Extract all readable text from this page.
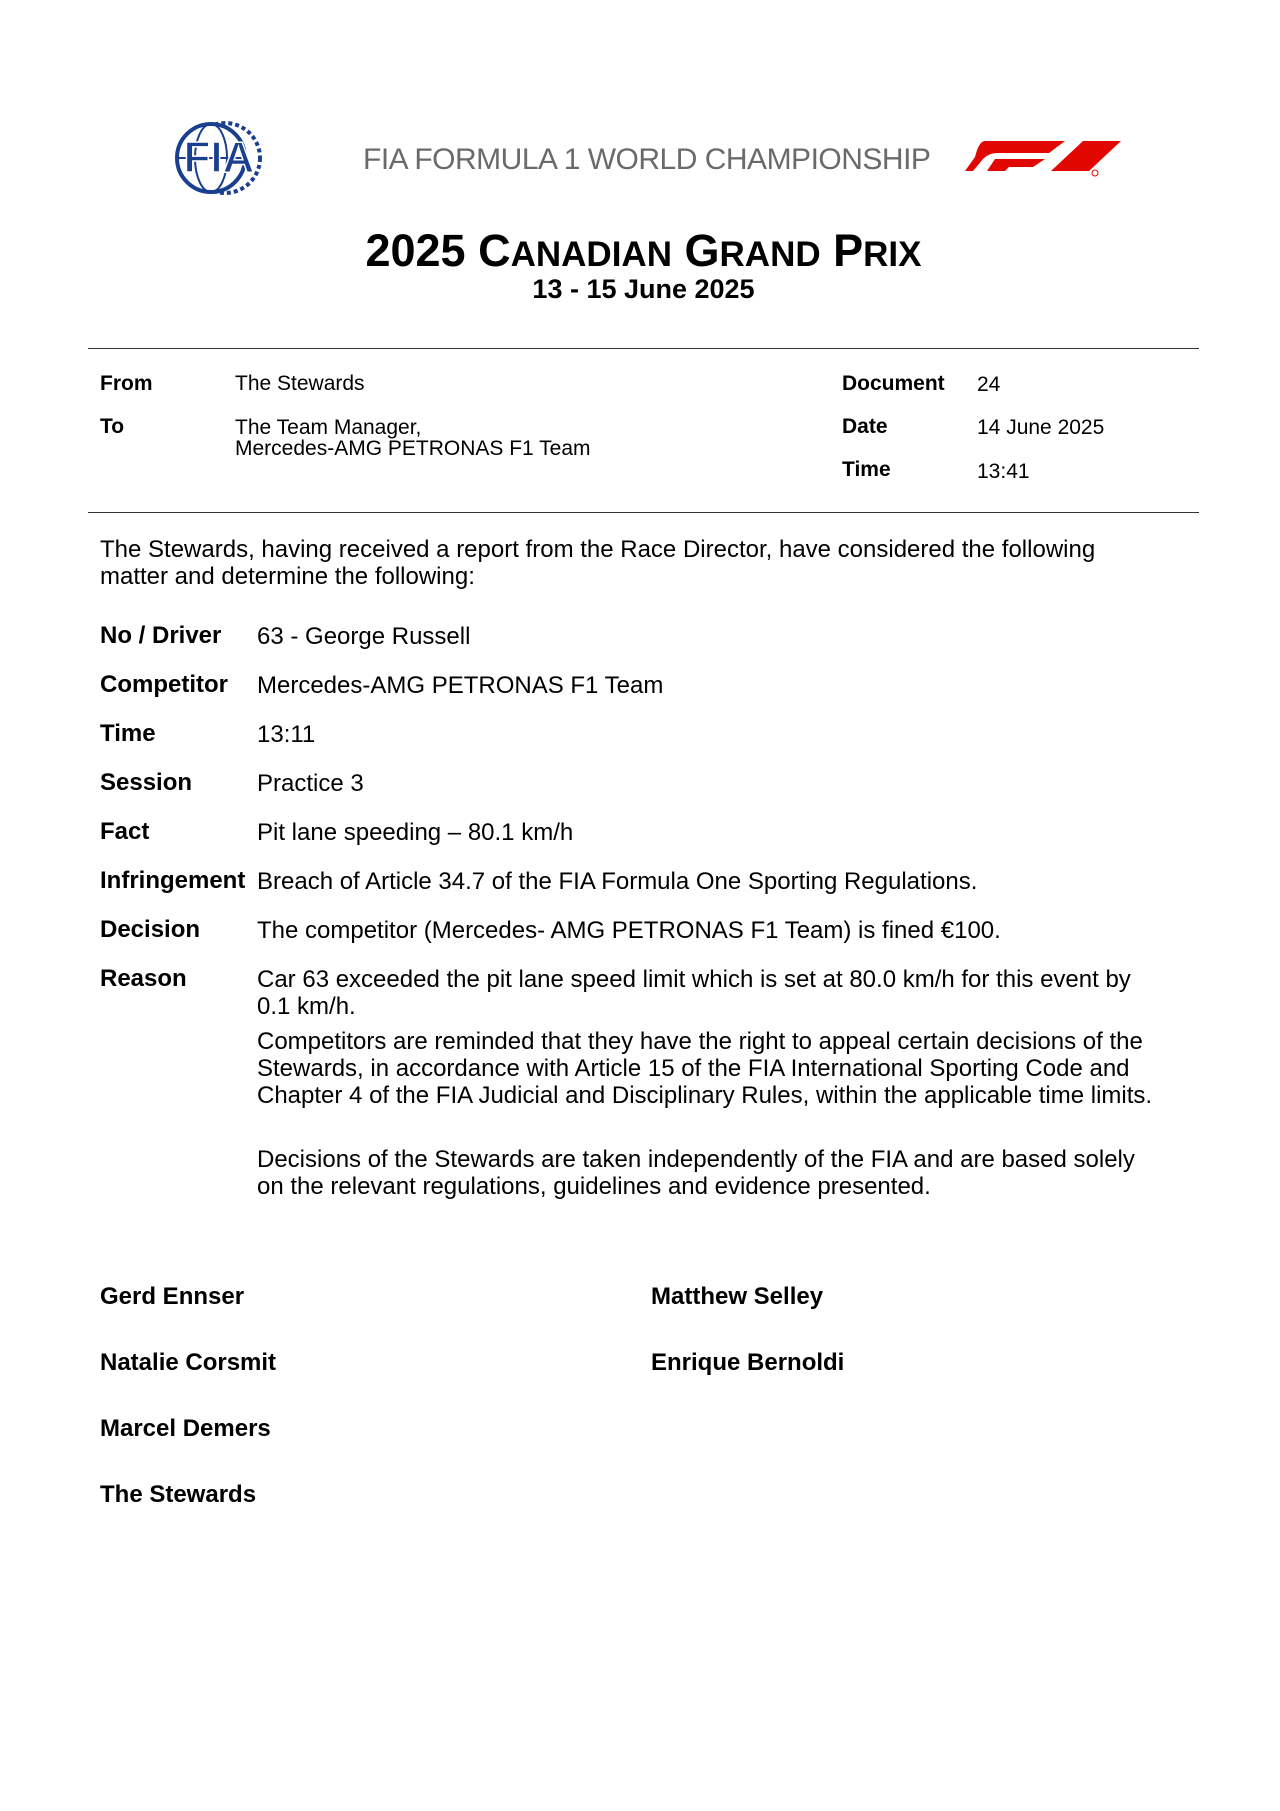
FIA	FIA FORMULA 1 WORLD CHAMPIONSHIP
2025 CANADIAN GRAND PRIX
13 - 15 June 2025
From	The Stewards
To	The Team Manager,
Mercedes-AMG PETRONAS F1 Team
Document 24
Date	14 June 2025
Time	13:41
The Stewards, having received a report from the Race Director, have considered the following
matter and determine the following:
No / Driver 63 - George Russell
Competitor Mercedes-AMG PETRONAS F1 Team
Time	13:11
Session	Practice 3
Fact	Pit lane speeding – 80.1 km/h
Infringement Breach of Article 34.7 of the FIA Formula One Sporting Regulations.
Decision The competitor (Mercedes- AMG PETRONAS F1 Team) is fined €100.
Reason	Car 63 exceeded the pit lane speed limit which is set at 80.0 km/h for this event by
0.1 km/h.
Competitors are reminded that they have the right to appeal certain decisions of the
Stewards, in accordance with Article 15 of the FIA International Sporting Code and
Chapter 4 of the FIA Judicial and Disciplinary Rules, within the applicable time limits.
Decisions of the Stewards are taken independently of the FIA and are based solely
on the relevant regulations, guidelines and evidence presented.
Gerd Ennser
Natalie Corsmit
Marcel Demers
The Stewards
Matthew Selley
Enrique Bernoldi
